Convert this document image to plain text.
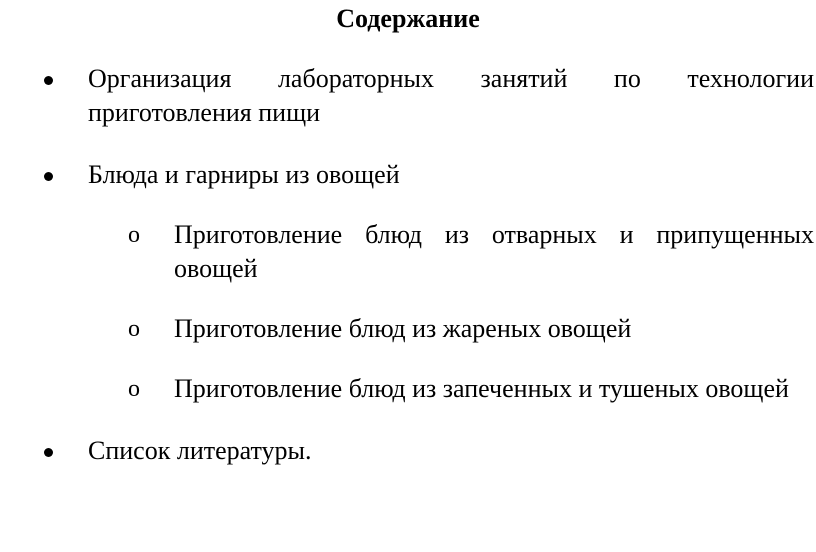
Содержание
Организация лабораторных занятий по технологии
приготовления пищи
Блюда и гарниры из овощей
o Приготовление блюд из отварных и припущенных
овощей
o Приготовление блюд из жареных овощей
o Приготовление блюд из запеченных и тушеных овощей
Список литературы.
